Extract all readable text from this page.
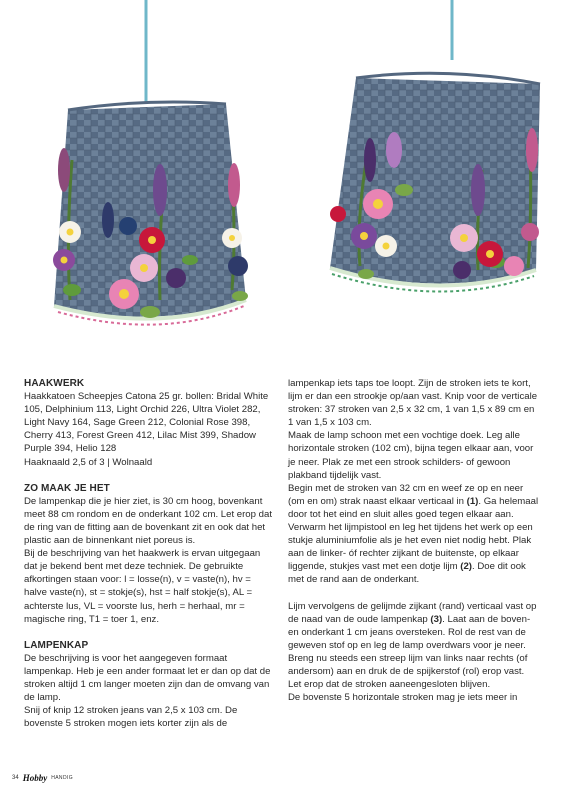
HAAKWERK

Haakkatoen Scheepjes Catona 25 gr. bollen: Bridal White 105, Delphinium 113, Light Orchid 226, Ultra Violet 282, Light Navy 164, Sage Green 212, Colonial Rose 398, Cherry 413, Forest Green 412, Lilac Mist 399, Shadow Purple 394, Helio 128

Haaknaald 2,5 of 3 | Wolnaald

ZO MAAK JE HET

De lampenkap die je hier ziet, is 30 cm hoog, bovenkant meet 88 cm rondom en de onderkant 102 cm. Let erop dat de ring van de fitting aan de bovenkant zit en ook dat het plastic aan de binnenkant niet poreus is.

Bij de beschrijving van het haakwerk is ervan uitgegaan dat je bekend bent met deze techniek. De gebruikte afkortingen staan voor: l = losse(n), v = vaste(n), hv = halve vaste(n), st = stokje(s), hst = half stokje(s), AL = achterste lus, VL = voorste lus, herh = herhaal, mr = magische ring, T1 = toer 1, enz.

LAMPENKAP

De beschrijving is voor het aangegeven formaat lampenkap. Heb je een ander formaat let er dan op dat de stroken altijd 1 cm langer moeten zijn dan de omvang van de lamp.

Snij of knip 12 stroken jeans van 2,5 x 103 cm. De bovenste 5 stroken mogen iets korter zijn als de

lampenkap iets taps toe loopt. Zijn de stroken iets te kort, lijm er dan een strookje op/aan vast. Knip voor de verticale stroken: 37 stroken van 2,5 x 32 cm, 1 van 1,5 x 89 cm en 1 van 1,5 x 103 cm.

Maak de lamp schoon met een vochtige doek. Leg alle horizontale stroken (102 cm), bijna tegen elkaar aan, voor je neer. Plak ze met een strook schilders- of gewoon plakband tijdelijk vast.

Begin met de stroken van 32 cm en weef ze op en neer (om en om) strak naast elkaar verticaal in (1). Ga helemaal door tot het eind en sluit alles goed tegen elkaar aan. Verwarm het lijmpistool en leg het tijdens het werk op een stukje aluminiumfolie als je het even niet nodig hebt. Plak aan de linker- óf rechter zijkant de buitenste, op elkaar liggende, stukjes vast met een dotje lijm (2). Doe dit ook met de rand aan de onderkant.

Lijm vervolgens de gelijmde zijkant (rand) verticaal vast op de naad van de oude lampenkap (3). Laat aan de boven- en onderkant 1 cm jeans oversteken. Rol de rest van de geweven stof op en leg de lamp overdwars voor je neer.

Breng nu steeds een streep lijm van links naar rechts (of andersom) aan en druk de de spijkerstof (rol) erop vast. Let erop dat de stroken aaneengesloten blijven.

De bovenste 5 horizontale stroken mag je iets meer in

34 Hobby HANDIG
PassionForum.ru
